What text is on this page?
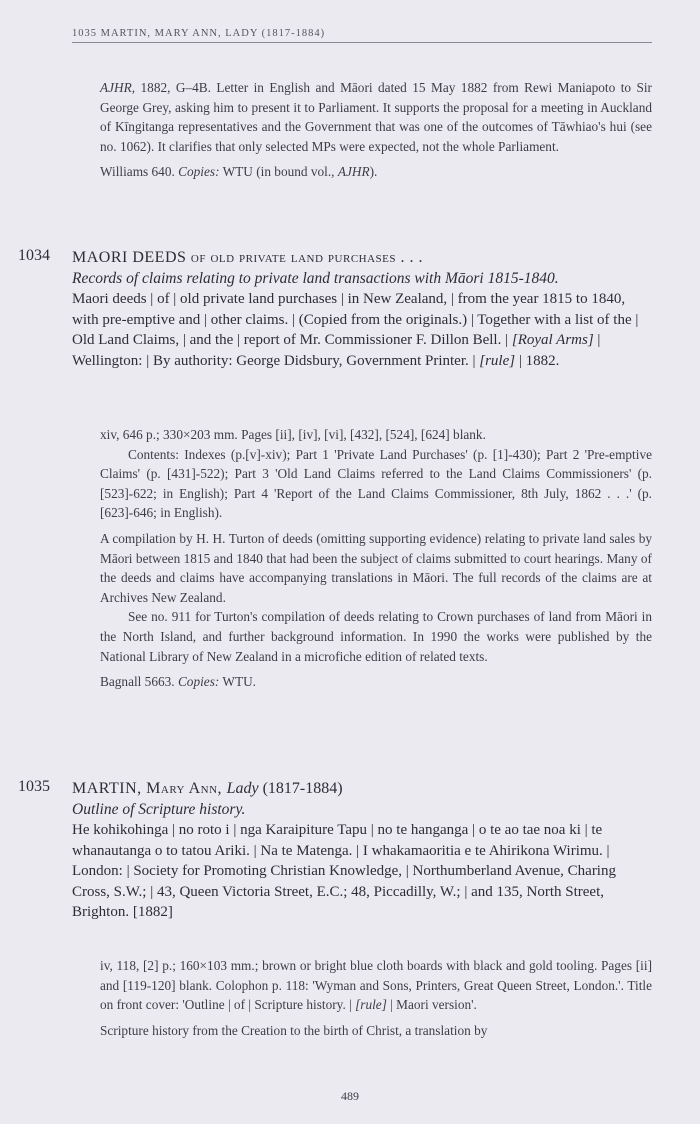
1035 MARTIN, MARY ANN, LADY (1817-1884)

AJHR, 1882, G–4B. Letter in English and Māori dated 15 May 1882 from Rewi Maniapoto to Sir George Grey, asking him to present it to Parliament. It supports the proposal for a meeting in Auckland of Kīngitanga representatives and the Government that was one of the outcomes of Tāwhiao's hui (see no. 1062). It clarifies that only selected MPs were expected, not the whole Parliament.

Williams 640. Copies: WTU (in bound vol., AJHR).

1034 MAORI DEEDS of old private land purchases . . .

Records of claims relating to private land transactions with Māori 1815-1840.

Maori deeds | of | old private land purchases | in New Zealand, | from the year 1815 to 1840, with pre-emptive and | other claims. | (Copied from the originals.) | Together with a list of the | Old Land Claims, | and the | report of Mr. Commissioner F. Dillon Bell. | [Royal Arms] | Wellington: | By authority: George Didsbury, Government Printer. | [rule] | 1882.

xiv, 646 p.; 330×203 mm. Pages [ii], [iv], [vi], [432], [524], [624] blank.

Contents: Indexes (p.[v]-xiv); Part 1 'Private Land Purchases' (p. [1]-430); Part 2 'Pre-emptive Claims' (p. [431]-522); Part 3 'Old Land Claims referred to the Land Claims Commissioners' (p. [523]-622; in English); Part 4 'Report of the Land Claims Commissioner, 8th July, 1862 . . .' (p. [623]-646; in English).

A compilation by H. H. Turton of deeds (omitting supporting evidence) relating to private land sales by Māori between 1815 and 1840 that had been the subject of claims submitted to court hearings. Many of the deeds and claims have accompanying translations in Māori. The full records of the claims are at Archives New Zealand.

See no. 911 for Turton's compilation of deeds relating to Crown purchases of land from Māori in the North Island, and further background information. In 1990 the works were published by the National Library of New Zealand in a microfiche edition of related texts.

Bagnall 5663. Copies: WTU.

1035 MARTIN, Mary Ann, Lady (1817-1884)

Outline of Scripture history.

He kohikohinga | no roto i | nga Karaipiture Tapu | no te hanganga | o te ao tae noa ki | te whanautanga o to tatou Ariki. | Na te Matenga. | I whakamaoritia e te Ahirikona Wirimu. | London: | Society for Promoting Christian Knowledge, | Northumberland Avenue, Charing Cross, S.W.; | 43, Queen Victoria Street, E.C.; 48, Piccadilly, W.; | and 135, North Street, Brighton. [1882]

iv, 118, [2] p.; 160×103 mm.; brown or bright blue cloth boards with black and gold tooling. Pages [ii] and [119-120] blank. Colophon p. 118: 'Wyman and Sons, Printers, Great Queen Street, London.'. Title on front cover: 'Outline | of | Scripture history. | [rule] | Maori version'.

Scripture history from the Creation to the birth of Christ, a translation by

489
